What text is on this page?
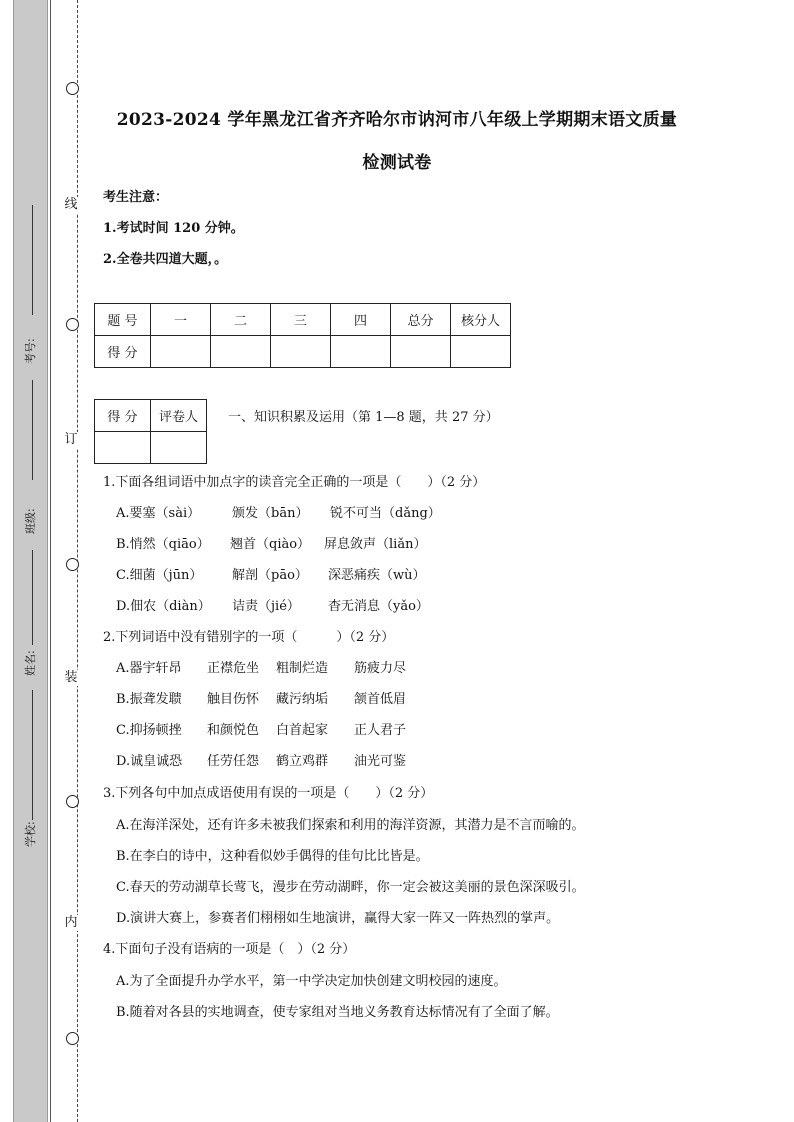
线
订
装
内
考号:
班级:
姓名:
学校:
2023-2024 学年黑龙江省齐齐哈尔市讷河市八年级上学期期末语文质量
检测试卷
考生注意：
1.考试时间 120 分钟。
2.全卷共四道大题，。
题 号	一	二	三	四	总分	核分人
得 分						
得 分	评卷人
	一、知识积累及运用（第 1—8 题，共 27 分）
1.下面各组词语中加点字的读音完全正确的一项是（　　）（2 分）
A.要塞（sài） 颁发（bān） 锐不可当（dǎng）
B.悄然（qiāo） 翘首（qiào） 屏息敛声（liǎn）
C.细菌（jūn） 解剖（pāo） 深恶痛疾（wù）
D.佃农（diàn） 诘责（jié） 杳无消息（yǎo）
2.下列词语中没有错别字的一项（　　　）（2 分）
A.器宇轩昂 正襟危坐 粗制烂造 筋疲力尽
B.振聋发聩 触目伤怀 藏污纳垢 颔首低眉
C.抑扬顿挫 和颜悦色 白首起家 正人君子
D.诚皇诚恐 任劳任怨 鹤立鸡群 油光可鉴
3.下列各句中加点成语使用有误的一项是（　　）（2 分）
A.在海洋深处，还有许多未被我们探索和利用的海洋资源，其潜力是不言而喻的。
B.在李白的诗中，这种看似妙手偶得的佳句比比皆是。
C.春天的劳动湖草长莺飞，漫步在劳动湖畔，你一定会被这美丽的景色深深吸引。
D.演讲大赛上，参赛者们栩栩如生地演讲，赢得大家一阵又一阵热烈的掌声。
4.下面句子没有语病的一项是（　）（2 分）
A.为了全面提升办学水平，第一中学决定加快创建文明校园的速度。
B.随着对各县的实地调查，使专家组对当地义务教育达标情况有了全面了解。
